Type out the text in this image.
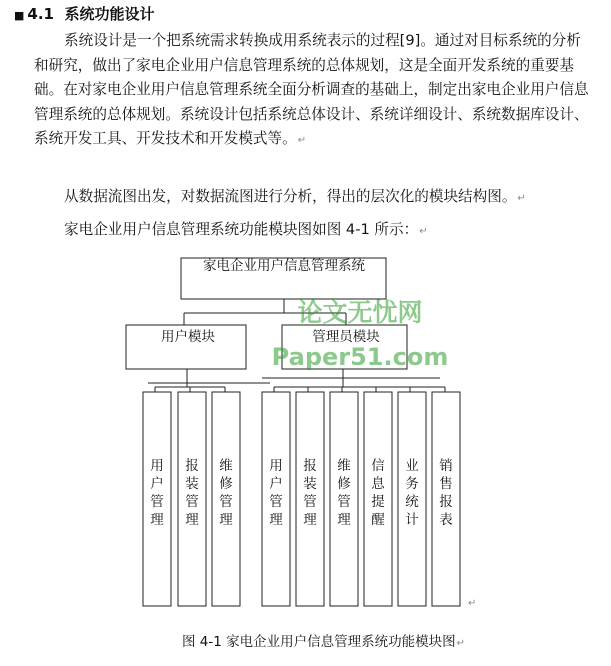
■ 4.1 系统功能设计

系统设计是一个把系统需求转换成用系统表示的过程[9]。通过对目标系统的分析和研究，做出了家电企业用户信息管理系统的总体规划，这是全面开发系统的重要基础。在对家电企业用户信息管理系统全面分析调查的基础上，制定出家电企业用户信息管理系统的总体规划。系统设计包括系统总体设计、系统详细设计、系统数据库设计、系统开发工具、开发技术和开发模式等。↵

从数据流图出发，对数据流图进行分析，得出的层次化的模块结构图。↵
家电企业用户信息管理系统功能模块图如图 4-1 所示：↵
家电企业用户信息管理系统
用户模块	管理员模块
用户管理
报装管理
维修管理
用户管理
报装管理
维修管理
信息提醒
业务统计
销售报表
↵
论文无忧网
Paper51.com
图 4-1 家电企业用户信息管理系统功能模块图↵
